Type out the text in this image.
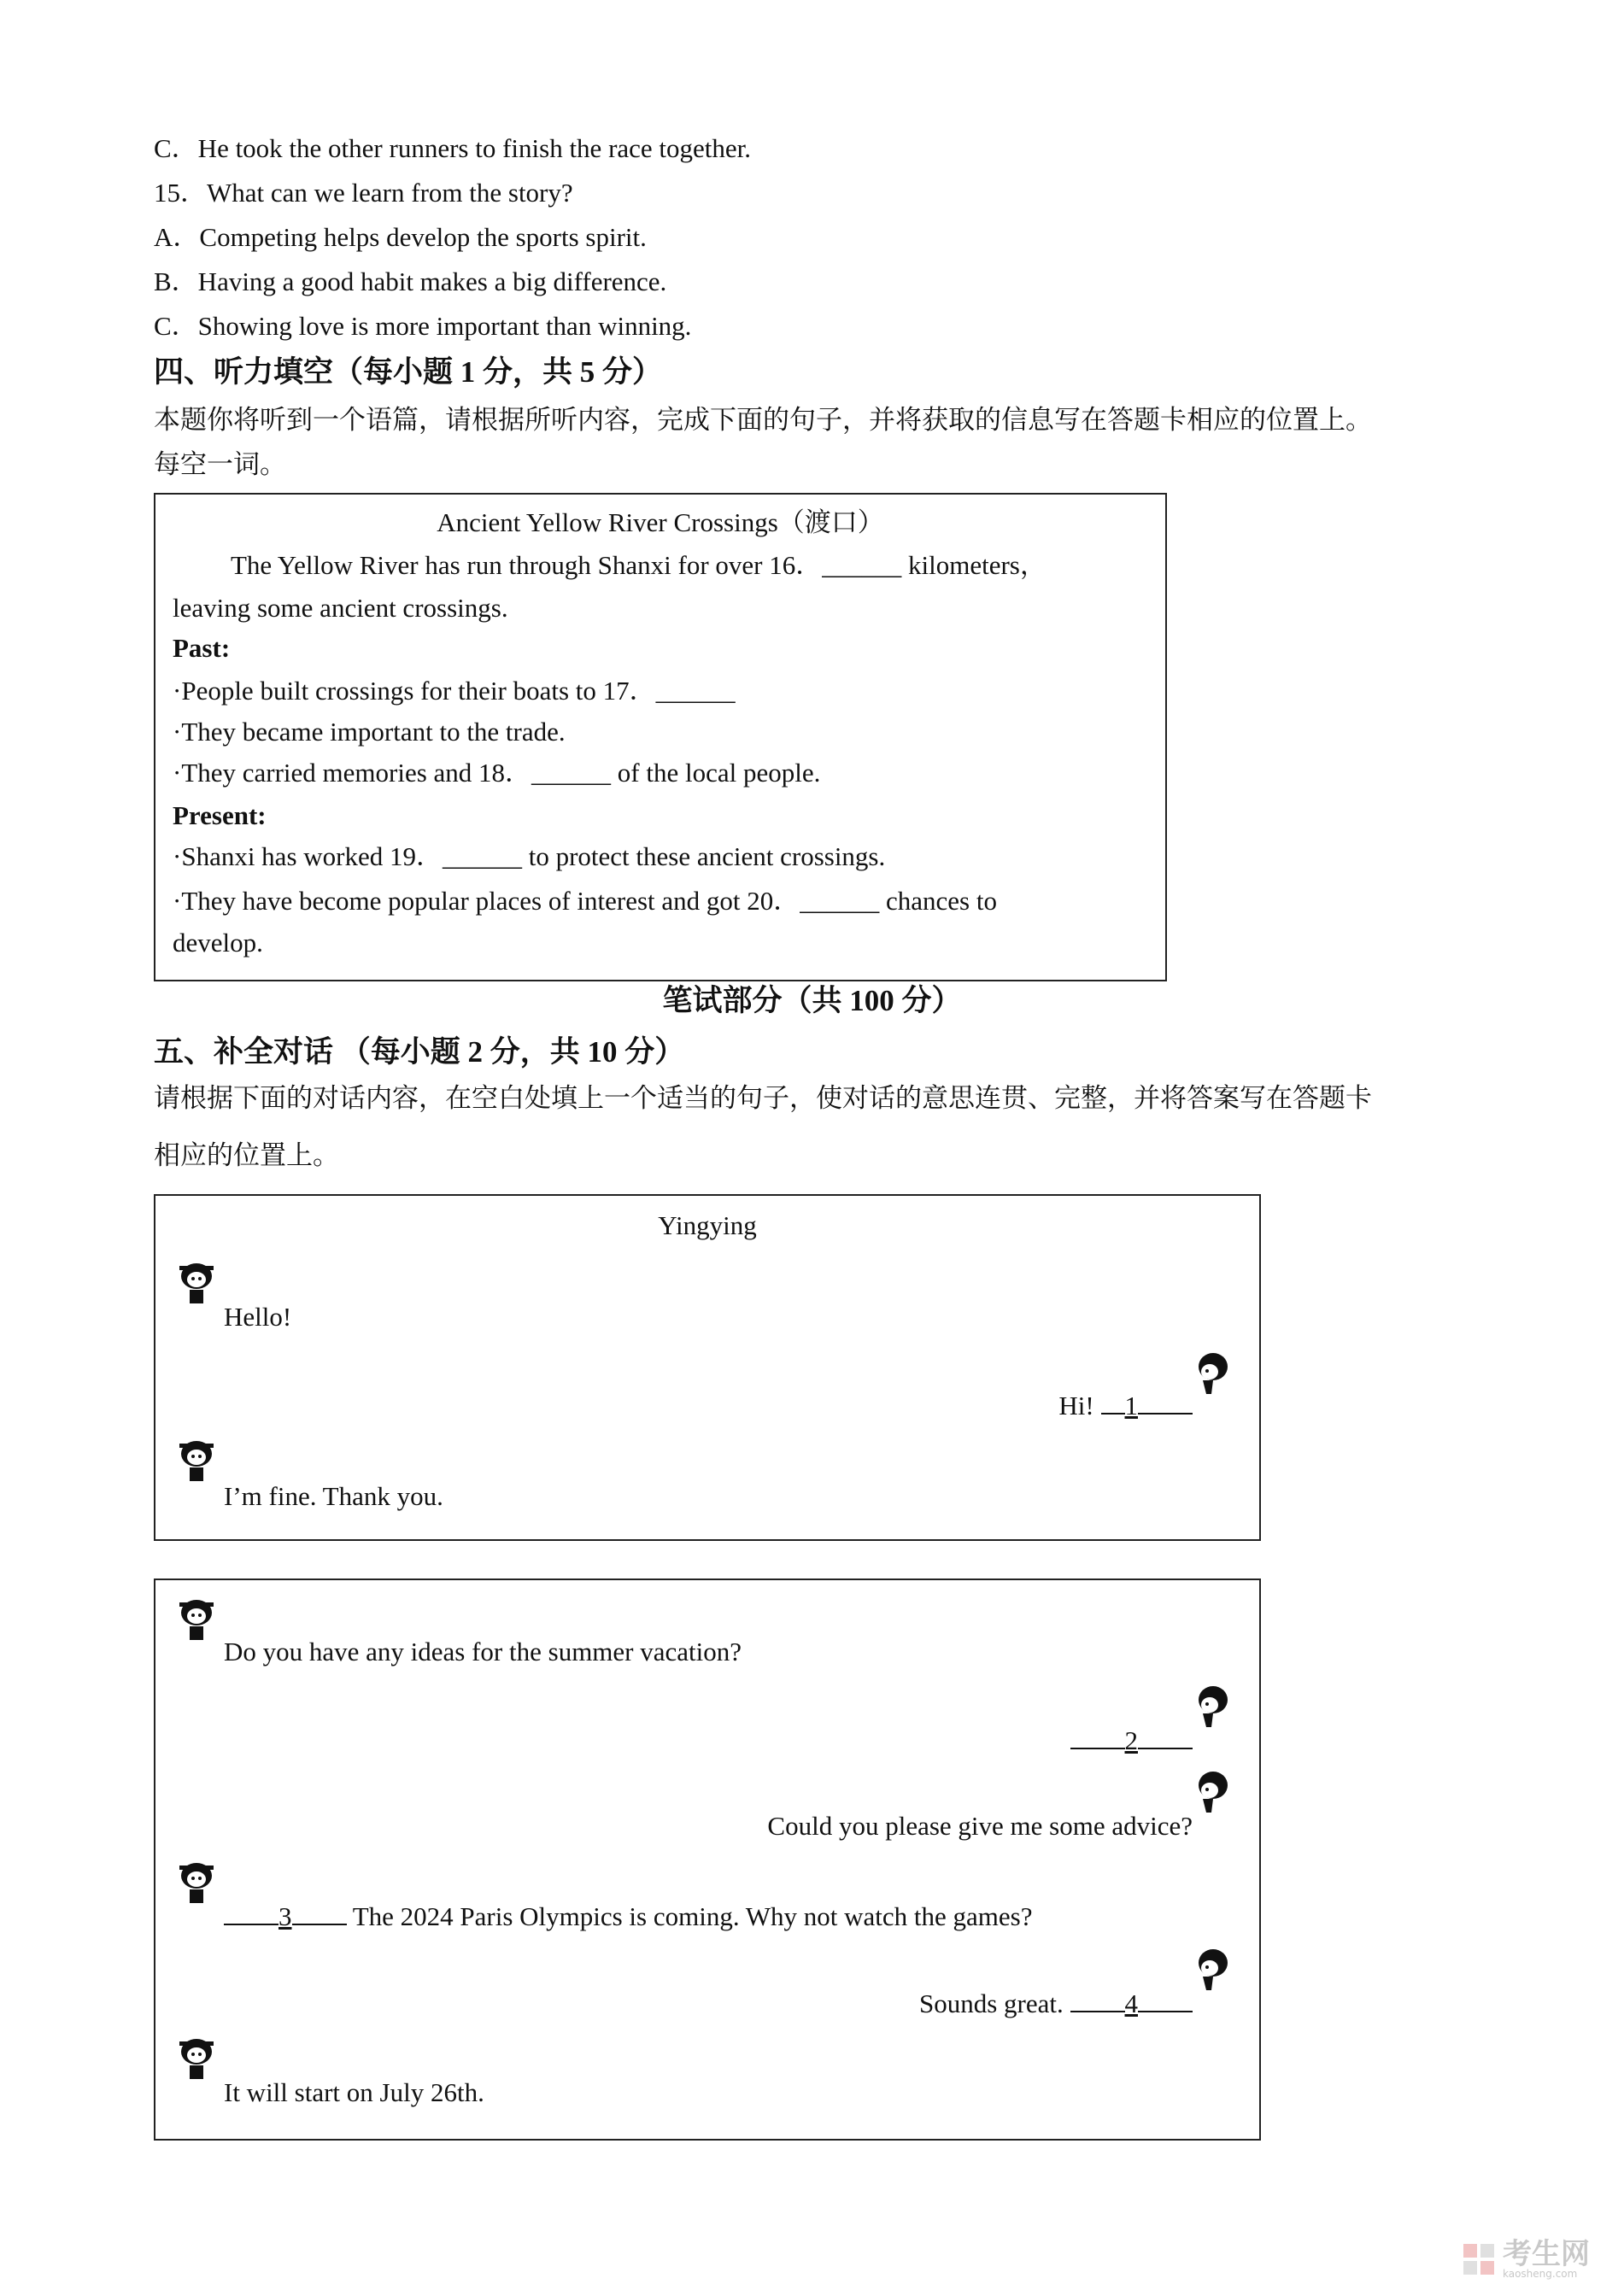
C．He took the other runners to finish the race together.
15．What can we learn from the story?
A．Competing helps develop the sports spirit.
B．Having a good habit makes a big difference.
C．Showing love is more important than winning.
四、听力填空（每小题 1 分，共 5 分）
本题你将听到一个语篇，请根据所听内容，完成下面的句子，并将获取的信息写在答题卡相应的位置上。
每空一词。
Ancient Yellow River Crossings（渡口）
The Yellow River has run through Shanxi for over 16．______ kilometers，
leaving some ancient crossings.
Past:
·People built crossings for their boats to 17．______
·They became important to the trade.
·They carried memories and 18．______ of the local people.
Present:
·Shanxi has worked 19．______ to protect these ancient crossings.
·They have become popular places of interest and got 20．______ chances to
develop.
笔试部分（共 100 分）
五、补全对话 （每小题 2 分，共 10 分）
请根据下面的对话内容，在空白处填上一个适当的句子，使对话的意思连贯、完整，并将答案写在答题卡
相应的位置上。
Yingying
Hello!
Hi! 1
I’m fine. Thank you.
Do you have any ideas for the summer vacation?
2
Could you please give me some advice?
3 The 2024 Paris Olympics is coming. Why not watch the games?
Sounds great. 4
It will start on July 26th.
考生网
kaosheng.com
